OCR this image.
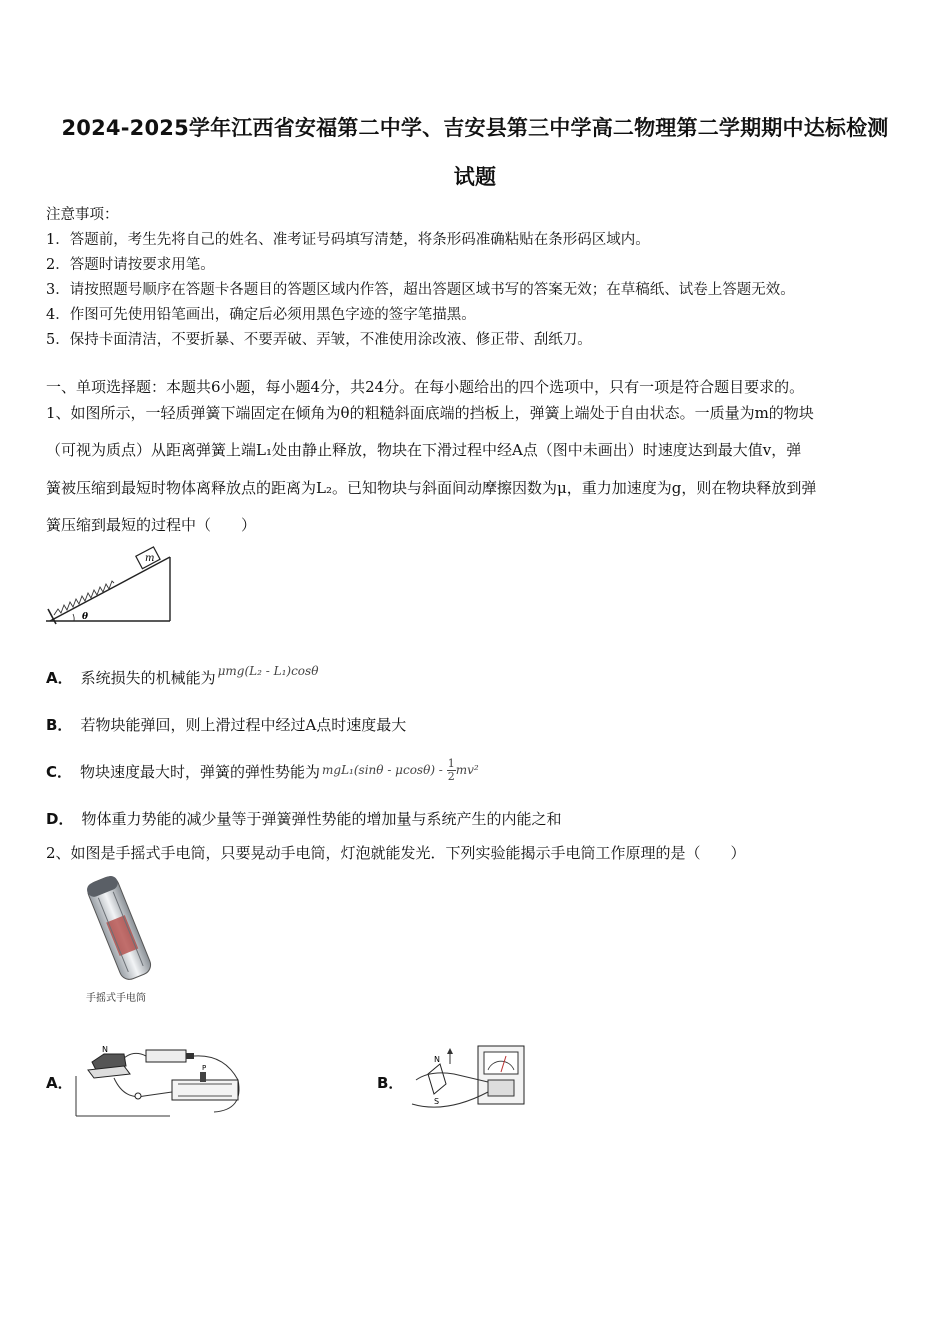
2024-2025学年江西省安福第二中学、吉安县第三中学高二物理第二学期期中达标检测
试题
注意事项：
1．答题前，考生先将自己的姓名、准考证号码填写清楚，将条形码准确粘贴在条形码区域内。
2．答题时请按要求用笔。
3．请按照题号顺序在答题卡各题目的答题区域内作答，超出答题区域书写的答案无效；在草稿纸、试卷上答题无效。
4．作图可先使用铅笔画出，确定后必须用黑色字迹的签字笔描黑。
5．保持卡面清洁，不要折暴、不要弄破、弄皱，不准使用涂改液、修正带、刮纸刀。
一、单项选择题：本题共6小题，每小题4分，共24分。在每小题给出的四个选项中，只有一项是符合题目要求的。
1、如图所示，一轻质弹簧下端固定在倾角为θ的粗糙斜面底端的挡板上，弹簧上端处于自由状态。一质量为m的物块
（可视为质点）从距离弹簧上端L₁处由静止释放，物块在下滑过程中经A点（图中未画出）时速度达到最大值v，弹
簧被压缩到最短时物体离释放点的距离为L₂。已知物块与斜面间动摩擦因数为μ，重力加速度为g，则在物块释放到弹
簧压缩到最短的过程中（　　）
m
θ
A． 系统损失的机械能为 $^{\mu mg(L_2 - L_1)cos\theta}$
B． 若物块能弹回，则上滑过程中经过A点时速度最大
C． 物块速度最大时，弹簧的弹性势能为 $^{mgL_1(sin\theta - \mu cos\theta) - \frac{1}{2} mv^2}$
D． 物体重力势能的减少量等于弹簧弹性势能的增加量与系统产生的内能之和
2、如图是手摇式手电筒，只要晃动手电筒，灯泡就能发光．下列实验能揭示手电筒工作原理的是（　　）
手摇式手电筒
A．
N
P
B．
N
S
